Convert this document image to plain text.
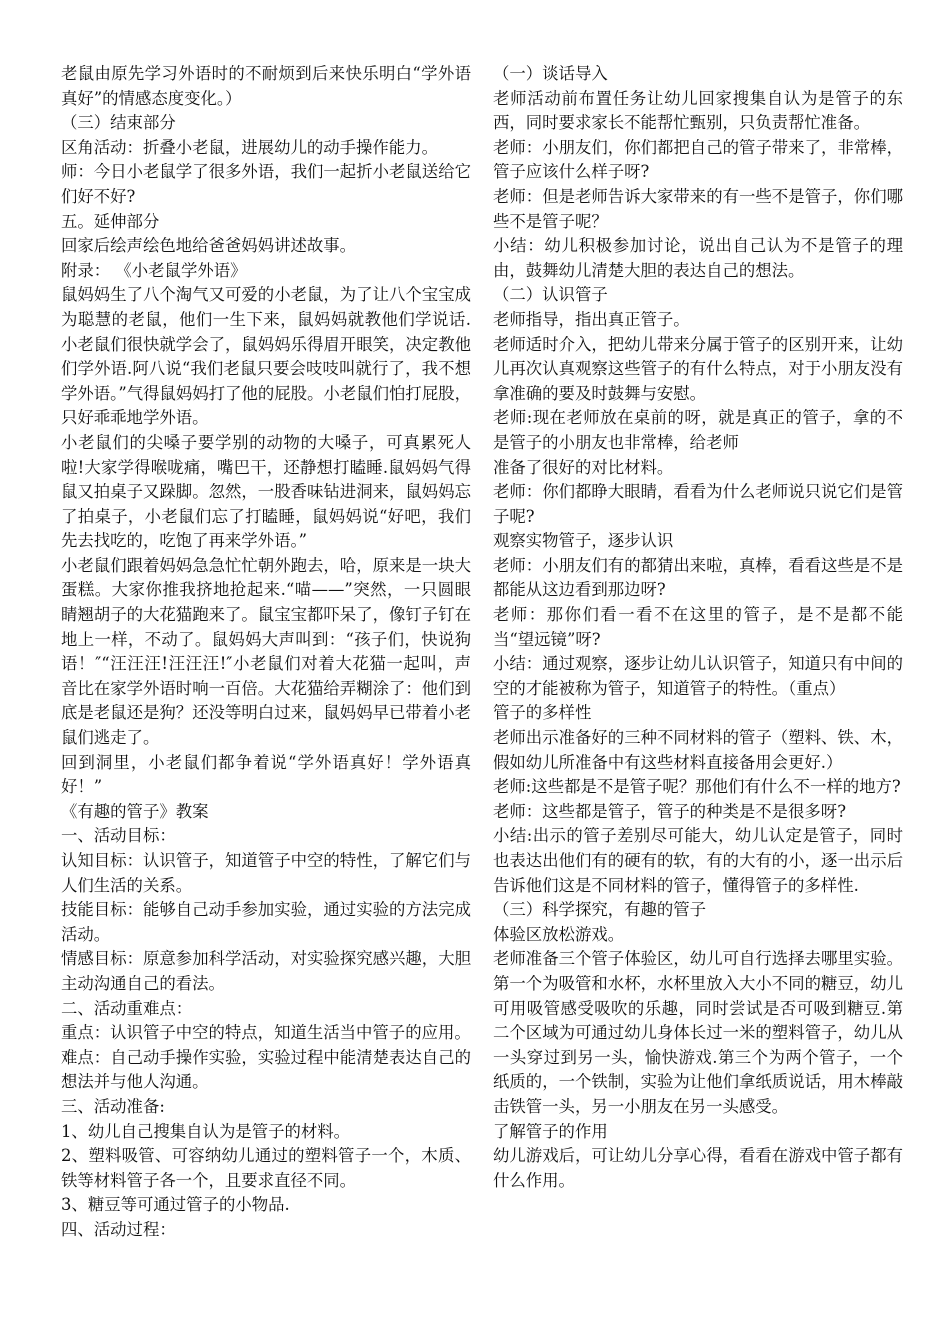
老鼠由原先学习外语时的不耐烦到后来快乐明白“学外语真好”的情感态度变化。）

（三）结束部分

区角活动：折叠小老鼠，进展幼儿的动手操作能力。

师：今日小老鼠学了很多外语，我们一起折小老鼠送给它们好不好?

五。延伸部分

回家后绘声绘色地给爸爸妈妈讲述故事。

附录： 《小老鼠学外语》

鼠妈妈生了八个淘气又可爱的小老鼠，为了让八个宝宝成为聪慧的老鼠，他们一生下来，鼠妈妈就教他们学说话.小老鼠们很快就学会了，鼠妈妈乐得眉开眼笑，决定教他们学外语.阿八说“我们老鼠只要会吱吱叫就行了，我不想学外语。”气得鼠妈妈打了他的屁股。小老鼠们怕打屁股，只好乖乖地学外语。

小老鼠们的尖嗓子要学别的动物的大嗓子，可真累死人啦!大家学得喉咙痛，嘴巴干，还静想打瞌睡.鼠妈妈气得鼠又拍桌子又跺脚。忽然，一股香味钻进洞来，鼠妈妈忘了拍桌子，小老鼠们忘了打瞌睡，鼠妈妈说“好吧，我们先去找吃的，吃饱了再来学外语。”

小老鼠们跟着妈妈急急忙忙朝外跑去，哈，原来是一块大蛋糕。大家你推我挤地抢起来.“喵——”突然，一只圆眼睛翘胡子的大花猫跑来了。鼠宝宝都吓呆了，像钉子钉在地上一样，不动了。鼠妈妈大声叫到：“孩子们，快说狗语！″“汪汪汪!汪汪汪!″小老鼠们对着大花猫一起叫，声音比在家学外语时响一百倍。大花猫给弄糊涂了：他们到底是老鼠还是狗？还没等明白过来，鼠妈妈早已带着小老鼠们逃走了。

回到洞里，小老鼠们都争着说“学外语真好！学外语真好！”

《有趣的管子》教案

一、活动目标：

认知目标：认识管子，知道管子中空的特性，了解它们与人们生活的关系。

技能目标：能够自己动手参加实验，通过实验的方法完成活动。

情感目标：原意参加科学活动，对实验探究感兴趣，大胆主动沟通自己的看法。

二、活动重难点：

重点：认识管子中空的特点，知道生活当中管子的应用。

难点：自己动手操作实验，实验过程中能清楚表达自己的想法并与他人沟通。

三、活动准备:

1、幼儿自己搜集自认为是管子的材料。

2、塑料吸管、可容纳幼儿通过的塑料管子一个，木质、铁等材料管子各一个，且要求直径不同。

3、糖豆等可通过管子的小物品.

四、活动过程：

（一）谈话导入

老师活动前布置任务让幼儿回家搜集自认为是管子的东西，同时要求家长不能帮忙甄别，只负责帮忙准备。

老师：小朋友们，你们都把自己的管子带来了，非常棒，管子应该什么样子呀?

老师：但是老师告诉大家带来的有一些不是管子，你们哪些不是管子呢？

小结：幼儿积极参加讨论，说出自己认为不是管子的理由，鼓舞幼儿清楚大胆的表达自己的想法。

（二）认识管子

老师指导，指出真正管子。

老师适时介入，把幼儿带来分属于管子的区别开来，让幼儿再次认真观察这些管子的有什么特点，对于小朋友没有拿准确的要及时鼓舞与安慰。

老师:现在老师放在桌前的呀，就是真正的管子，拿的不是管子的小朋友也非常棒，给老师

准备了很好的对比材料。

老师：你们都睁大眼睛，看看为什么老师说只说它们是管子呢?

观察实物管子，逐步认识

老师：小朋友们有的都猜出来啦，真棒，看看这些是不是都能从这边看到那边呀?

老师：那你们看一看不在这里的管子，是不是都不能当“望远镜”呀?

小结：通过观察，逐步让幼儿认识管子，知道只有中间的空的才能被称为管子，知道管子的特性。（重点）

管子的多样性

老师出示准备好的三种不同材料的管子（塑料、铁、木，假如幼儿所准备中有这些材料直接备用会更好.）

老师:这些都是不是管子呢？那他们有什么不一样的地方?

老师：这些都是管子，管子的种类是不是很多呀?

小结:出示的管子差别尽可能大，幼儿认定是管子，同时也表达出他们有的硬有的软，有的大有的小，逐一出示后告诉他们这是不同材料的管子，懂得管子的多样性.

（三）科学探究，有趣的管子

体验区放松游戏。

老师准备三个管子体验区，幼儿可自行选择去哪里实验。第一个为吸管和水杯，水杯里放入大小不同的糖豆，幼儿可用吸管感受吸吹的乐趣，同时尝试是否可吸到糖豆.第二个区域为可通过幼儿身体长过一米的塑料管子，幼儿从一头穿过到另一头，愉快游戏.第三个为两个管子，一个纸质的，一个铁制，实验为让他们拿纸质说话，用木棒敲击铁管一头，另一小朋友在另一头感受。

了解管子的作用

幼儿游戏后，可让幼儿分享心得，看看在游戏中管子都有什么作用。
